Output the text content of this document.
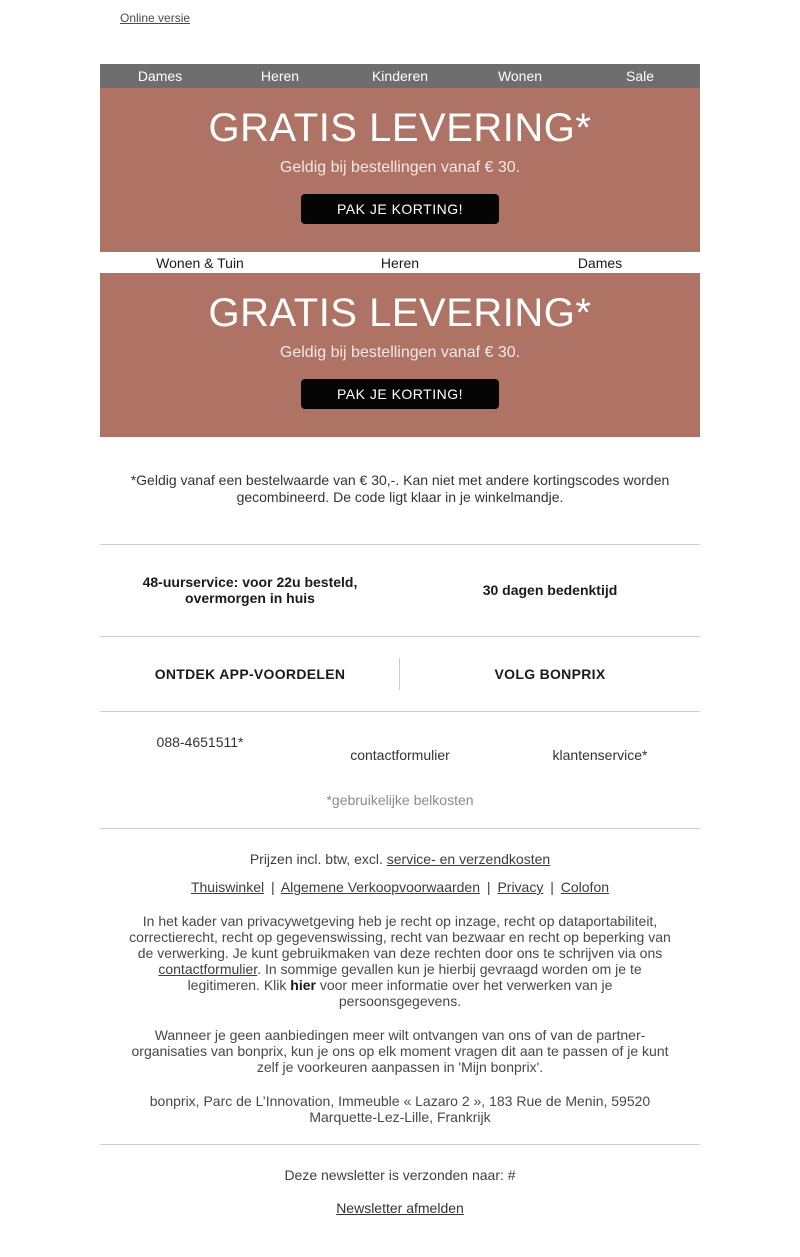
Online versie
Dames	Heren	Kinderen	Wonen	Sale
GRATIS LEVERING*

Geldig bij bestellingen vanaf € 30.

PAK JE KORTING!
Wonen & Tuin	Heren	Dames
GRATIS LEVERING*

Geldig bij bestellingen vanaf € 30.

PAK JE KORTING!

*Geldig vanaf een bestelwaarde van € 30,-. Kan niet met andere kortingscodes worden gecombineerd. De code ligt klaar in je winkelmandje.

48-uurservice: voor 22u besteld,
overmorgen in huis	30 dagen bedenktijd
ONTDEK APP-VOORDELEN	VOLG BONPRIX
088-4651511*
contactformulier	klantenservice*
*gebruikelijke belkosten
Prijzen incl. btw, excl. service- en verzendkosten
Thuiswinkel | Algemene Verkoopvoorwaarden | Privacy | Colofon

In het kader van privacywetgeving heb je recht op inzage, recht op dataportabiliteit, correctierecht, recht op gegevenswissing, recht van bezwaar en recht op beperking van de verwerking. Je kunt gebruikmaken van deze rechten door ons te schrijven via ons contactformulier. In sommige gevallen kun je hierbij gevraagd worden om je te legitimeren. Klik hier voor meer informatie over het verwerken van je persoonsgegevens.

Wanneer je geen aanbiedingen meer wilt ontvangen van ons of van de partner-organisaties van bonprix, kun je ons op elk moment vragen dit aan te passen of je kunt zelf je voorkeuren aanpassen in 'Mijn bonprix'.

bonprix, Parc de L’Innovation, Immeuble « Lazaro 2 », 183 Rue de Menin, 59520 Marquette-Lez-Lille, Frankrijk

Deze newsletter is verzonden naar: #
Newsletter afmelden
